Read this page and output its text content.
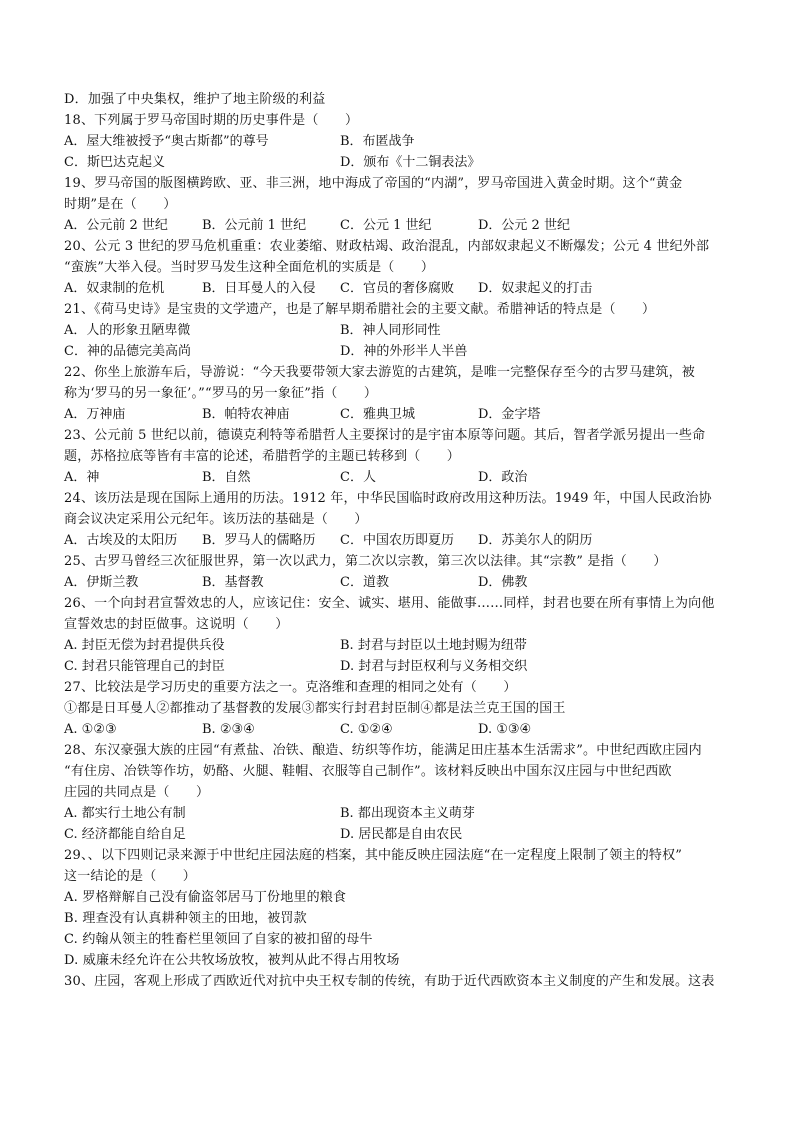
D．加强了中央集权，维护了地主阶级的利益
18、下列属于罗马帝国时期的历史事件是（　　）
A．屋大维被授予“奥古斯都”的尊号	B．布匿战争
C．斯巴达克起义	D．颁布《十二铜表法》
19、罗马帝国的版图横跨欧、亚、非三洲，地中海成了帝国的“内湖”，罗马帝国进入黄金时期。这个“黄金
时期”是在（　　）
A．公元前 2 世纪	B．公元前 1 世纪	C．公元 1 世纪	D．公元 2 世纪
20、公元 3 世纪的罗马危机重重：农业萎缩、财政枯竭、政治混乱，内部奴隶起义不断爆发；公元 4 世纪外部
“蛮族”大举入侵。当时罗马发生这种全面危机的实质是（　　）
A．奴隶制的危机	B．日耳曼人的入侵	C．官员的奢侈腐败	D．奴隶起义的打击
21、《荷马史诗》是宝贵的文学遗产，也是了解早期希腊社会的主要文献。希腊神话的特点是（　　）
A．人的形象丑陋卑微	B．神人同形同性
C．神的品德完美高尚	D．神的外形半人半兽
22、你坐上旅游车后，导游说：“今天我要带领大家去游览的古建筑，是唯一完整保存至今的古罗马建筑，被
称为‘罗马的另一象征’。”“罗马的另一象征”指（　　）
A．万神庙	B．帕特农神庙	C．雅典卫城	D．金字塔
23、公元前 5 世纪以前，德谟克利特等希腊哲人主要探讨的是宇宙本原等问题。其后，智者学派另提出一些命
题，苏格拉底等皆有丰富的论述，希腊哲学的主题已转移到（　　）
A．神	B．自然	C．人	D．政治
24、该历法是现在国际上通用的历法。1912 年，中华民国临时政府改用这种历法。1949 年，中国人民政治协
商会议决定采用公元纪年。该历法的基础是（　　）
A．古埃及的太阳历	B．罗马人的儒略历	C．中国农历即夏历	D．苏美尔人的阴历
25、古罗马曾经三次征服世界，第一次以武力，第二次以宗教，第三次以法律。其“宗教” 是指（　　）
A．伊斯兰教	B．基督教	C．道教	D．佛教
26、一个向封君宣誓效忠的人，应该记住：安全、诚实、堪用、能做事……同样，封君也要在所有事情上为向他
宣誓效忠的封臣做事。这说明（　　）
A. 封臣无偿为封君提供兵役	B. 封君与封臣以土地封赐为纽带
C. 封君只能管理自己的封臣	D. 封君与封臣权利与义务相交织
27、比较法是学习历史的重要方法之一。克洛维和查理的相同之处有（　　）
①都是日耳曼人②都推动了基督教的发展③都实行封君封臣制④都是法兰克王国的国王
A. ①②③	B. ②③④	C. ①②④	D. ①③④
28、东汉豪强大族的庄园“有煮盐、冶铁、酿造、纺织等作坊，能满足田庄基本生活需求”。中世纪西欧庄园内
“有住房、冶铁等作坊，奶酪、火腿、鞋帽、衣服等自己制作”。该材料反映出中国东汉庄园与中世纪西欧
庄园的共同点是（　　）
A. 都实行土地公有制	B. 都出现资本主义萌芽
C. 经济都能自给自足	D. 居民都是自由农民
29、、以下四则记录来源于中世纪庄园法庭的档案，其中能反映庄园法庭“在一定程度上限制了领主的特权”
这一结论的是（　　）
A. 罗格辩解自己没有偷盗邻居马丁份地里的粮食
B. 理查没有认真耕种领主的田地，被罚款
C. 约翰从领主的牲畜栏里领回了自家的被扣留的母牛
D. 威廉未经允许在公共牧场放牧，被判从此不得占用牧场
30、庄园，客观上形成了西欧近代对抗中央王权专制的传统，有助于近代西欧资本主义制度的产生和发展。这表
